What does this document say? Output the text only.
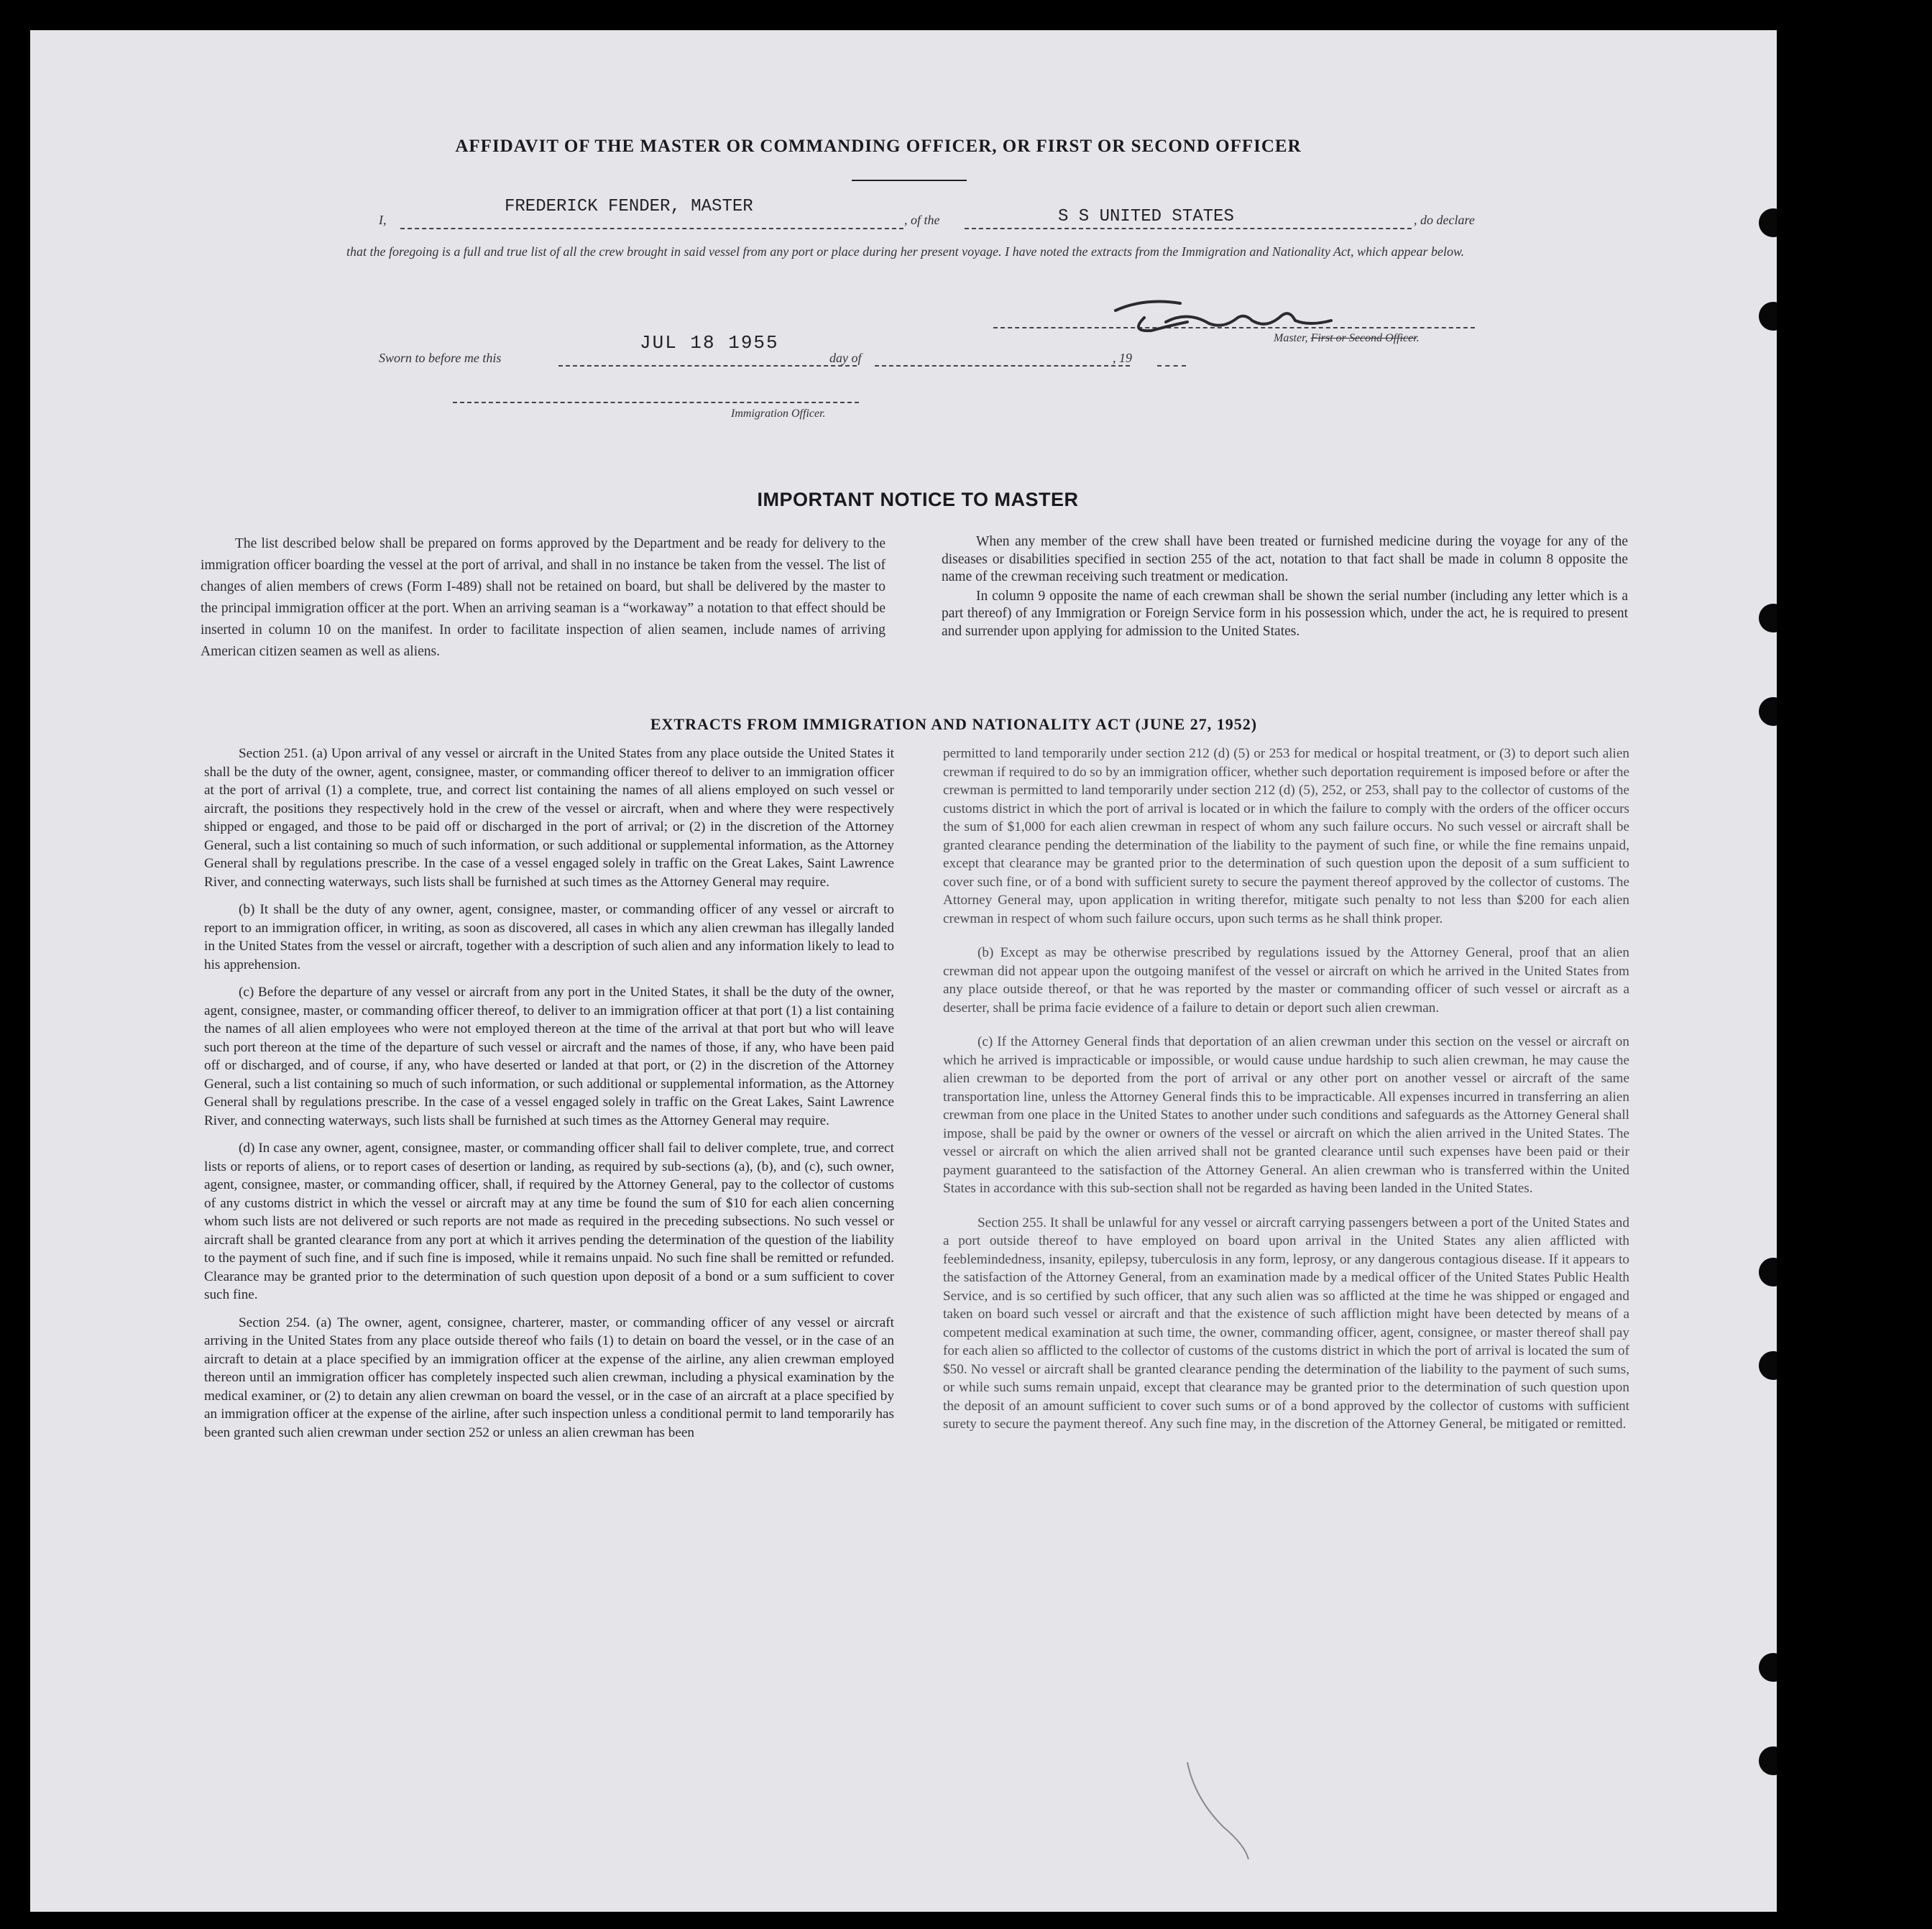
AFFIDAVIT OF THE MASTER OR COMMANDING OFFICER, OR FIRST OR SECOND OFFICER
I,
FREDERICK FENDER, MASTER
, of the	S S UNITED STATES	, do declare
that the foregoing is a full and true list of all the crew brought in said vessel from any port or place during her present voyage. I have noted the extracts from the Immigration and Nationality Act, which appear below.
Master, First or Second Officer.
Sworn to before me this
JUL 18 1955
day of	, 19
Immigration Officer.
IMPORTANT NOTICE TO MASTER

The list described below shall be prepared on forms approved by the Department and be ready for delivery to the immigration officer boarding the vessel at the port of arrival, and shall in no instance be taken from the vessel. The list of changes of alien members of crews (Form I-489) shall not be retained on board, but shall be delivered by the master to the principal immigration officer at the port. When an arriving seaman is a “workaway” a notation to that effect should be inserted in column 10 on the manifest. In order to facilitate inspection of alien seamen, include names of arriving American citizen seamen as well as aliens.

When any member of the crew shall have been treated or furnished medicine during the voyage for any of the diseases or disabilities specified in section 255 of the act, notation to that fact shall be made in column 8 opposite the name of the crewman receiving such treatment or medication.

In column 9 opposite the name of each crewman shall be shown the serial number (including any letter which is a part thereof) of any Immigration or Foreign Service form in his possession which, under the act, he is required to present and surrender upon applying for admission to the United States.

EXTRACTS FROM IMMIGRATION AND NATIONALITY ACT (JUNE 27, 1952)

Section 251. (a) Upon arrival of any vessel or aircraft in the United States from any place outside the United States it shall be the duty of the owner, agent, consignee, master, or commanding officer thereof to deliver to an immigration officer at the port of arrival (1) a complete, true, and correct list containing the names of all aliens employed on such vessel or aircraft, the positions they respectively hold in the crew of the vessel or aircraft, when and where they were respectively shipped or engaged, and those to be paid off or discharged in the port of arrival; or (2) in the discretion of the Attorney General, such a list containing so much of such information, or such additional or supplemental information, as the Attorney General shall by regulations prescribe. In the case of a vessel engaged solely in traffic on the Great Lakes, Saint Lawrence River, and connecting waterways, such lists shall be furnished at such times as the Attorney General may require.

(b) It shall be the duty of any owner, agent, consignee, master, or commanding officer of any vessel or aircraft to report to an immigration officer, in writing, as soon as discovered, all cases in which any alien crewman has illegally landed in the United States from the vessel or aircraft, together with a description of such alien and any information likely to lead to his apprehension.

(c) Before the departure of any vessel or aircraft from any port in the United States, it shall be the duty of the owner, agent, consignee, master, or commanding officer thereof, to deliver to an immigration officer at that port (1) a list containing the names of all alien employees who were not employed thereon at the time of the arrival at that port but who will leave such port thereon at the time of the departure of such vessel or aircraft and the names of those, if any, who have been paid off or discharged, and of course, if any, who have deserted or landed at that port, or (2) in the discretion of the Attorney General, such a list containing so much of such information, or such additional or supplemental information, as the Attorney General shall by regulations prescribe. In the case of a vessel engaged solely in traffic on the Great Lakes, Saint Lawrence River, and connecting waterways, such lists shall be furnished at such times as the Attorney General may require.

(d) In case any owner, agent, consignee, master, or commanding officer shall fail to deliver complete, true, and correct lists or reports of aliens, or to report cases of desertion or landing, as required by sub-sections (a), (b), and (c), such owner, agent, consignee, master, or commanding officer, shall, if required by the Attorney General, pay to the collector of customs of any customs district in which the vessel or aircraft may at any time be found the sum of $10 for each alien concerning whom such lists are not delivered or such reports are not made as required in the preceding subsections. No such vessel or aircraft shall be granted clearance from any port at which it arrives pending the determination of the question of the liability to the payment of such fine, and if such fine is imposed, while it remains unpaid. No such fine shall be remitted or refunded. Clearance may be granted prior to the determination of such question upon deposit of a bond or a sum sufficient to cover such fine.

Section 254. (a) The owner, agent, consignee, charterer, master, or commanding officer of any vessel or aircraft arriving in the United States from any place outside thereof who fails (1) to detain on board the vessel, or in the case of an aircraft to detain at a place specified by an immigration officer at the expense of the airline, any alien crewman employed thereon until an immigration officer has completely inspected such alien crewman, including a physical examination by the medical examiner, or (2) to detain any alien crewman on board the vessel, or in the case of an aircraft at a place specified by an immigration officer at the expense of the airline, after such inspection unless a conditional permit to land temporarily has been granted such alien crewman under section 252 or unless an alien crewman has been

permitted to land temporarily under section 212 (d) (5) or 253 for medical or hospital treatment, or (3) to deport such alien crewman if required to do so by an immigration officer, whether such deportation requirement is imposed before or after the crewman is permitted to land temporarily under section 212 (d) (5), 252, or 253, shall pay to the collector of customs of the customs district in which the port of arrival is located or in which the failure to comply with the orders of the officer occurs the sum of $1,000 for each alien crewman in respect of whom any such failure occurs. No such vessel or aircraft shall be granted clearance pending the determination of the liability to the payment of such fine, or while the fine remains unpaid, except that clearance may be granted prior to the determination of such question upon the deposit of a sum sufficient to cover such fine, or of a bond with sufficient surety to secure the payment thereof approved by the collector of customs. The Attorney General may, upon application in writing therefor, mitigate such penalty to not less than $200 for each alien crewman in respect of whom such failure occurs, upon such terms as he shall think proper.

(b) Except as may be otherwise prescribed by regulations issued by the Attorney General, proof that an alien crewman did not appear upon the outgoing manifest of the vessel or aircraft on which he arrived in the United States from any place outside thereof, or that he was reported by the master or commanding officer of such vessel or aircraft as a deserter, shall be prima facie evidence of a failure to detain or deport such alien crewman.

(c) If the Attorney General finds that deportation of an alien crewman under this section on the vessel or aircraft on which he arrived is impracticable or impossible, or would cause undue hardship to such alien crewman, he may cause the alien crewman to be deported from the port of arrival or any other port on another vessel or aircraft of the same transportation line, unless the Attorney General finds this to be impracticable. All expenses incurred in transferring an alien crewman from one place in the United States to another under such conditions and safeguards as the Attorney General shall impose, shall be paid by the owner or owners of the vessel or aircraft on which the alien arrived in the United States. The vessel or aircraft on which the alien arrived shall not be granted clearance until such expenses have been paid or their payment guaranteed to the satisfaction of the Attorney General. An alien crewman who is transferred within the United States in accordance with this sub-section shall not be regarded as having been landed in the United States.

Section 255. It shall be unlawful for any vessel or aircraft carrying passengers between a port of the United States and a port outside thereof to have employed on board upon arrival in the United States any alien afflicted with feeblemindedness, insanity, epilepsy, tuberculosis in any form, leprosy, or any dangerous contagious disease. If it appears to the satisfaction of the Attorney General, from an examination made by a medical officer of the United States Public Health Service, and is so certified by such officer, that any such alien was so afflicted at the time he was shipped or engaged and taken on board such vessel or aircraft and that the existence of such affliction might have been detected by means of a competent medical examination at such time, the owner, commanding officer, agent, consignee, or master thereof shall pay for each alien so afflicted to the collector of customs of the customs district in which the port of arrival is located the sum of $50. No vessel or aircraft shall be granted clearance pending the determination of the liability to the payment of such sums, or while such sums remain unpaid, except that clearance may be granted prior to the determination of such question upon the deposit of an amount sufficient to cover such sums or of a bond approved by the collector of customs with sufficient surety to secure the payment thereof. Any such fine may, in the discretion of the Attorney General, be mitigated or remitted.
